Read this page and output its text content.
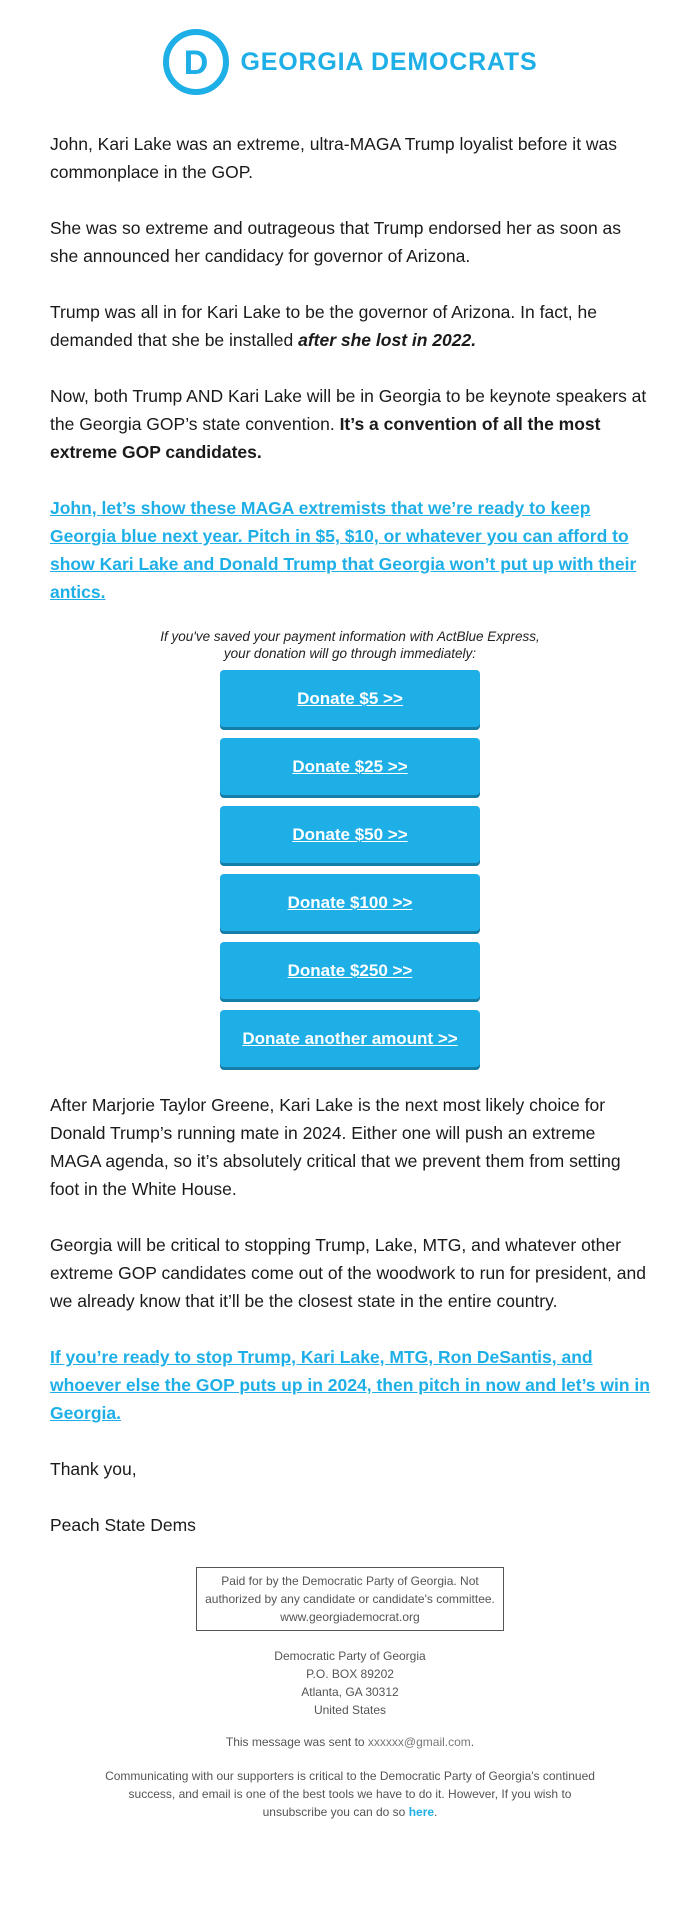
D GEORGIA DEMOCRATS

John, Kari Lake was an extreme, ultra-MAGA Trump loyalist before it was commonplace in the GOP.

She was so extreme and outrageous that Trump endorsed her as soon as she announced her candidacy for governor of Arizona.

Trump was all in for Kari Lake to be the governor of Arizona. In fact, he demanded that she be installed after she lost in 2022.

Now, both Trump AND Kari Lake will be in Georgia to be keynote speakers at the Georgia GOP’s state convention. It’s a convention of all the most extreme GOP candidates.

John, let’s show these MAGA extremists that we’re ready to keep Georgia blue next year. Pitch in $5, $10, or whatever you can afford to show Kari Lake and Donald Trump that Georgia won’t put up with their antics.

If you've saved your payment information with ActBlue Express,
your donation will go through immediately:
Donate $5 >>
Donate $25 >>
Donate $50 >>
Donate $100 >>
Donate $250 >>
Donate another amount >>

After Marjorie Taylor Greene, Kari Lake is the next most likely choice for Donald Trump’s running mate in 2024. Either one will push an extreme MAGA agenda, so it’s absolutely critical that we prevent them from setting foot in the White House.

Georgia will be critical to stopping Trump, Lake, MTG, and whatever other extreme GOP candidates come out of the woodwork to run for president, and we already know that it’ll be the closest state in the entire country.

If you’re ready to stop Trump, Kari Lake, MTG, Ron DeSantis, and whoever else the GOP puts up in 2024, then pitch in now and let’s win in Georgia.

Thank you,

Peach State Dems

Paid for by the Democratic Party of Georgia. Not authorized by any candidate or candidate's committee. www.georgiademocrat.org
Democratic Party of Georgia
P.O. BOX 89202
Atlanta, GA 30312
United States
This message was sent to xxxxxx@gmail.com.
Communicating with our supporters is critical to the Democratic Party of Georgia's continued success, and email is one of the best tools we have to do it. However, If you wish to unsubscribe you can do so here.
